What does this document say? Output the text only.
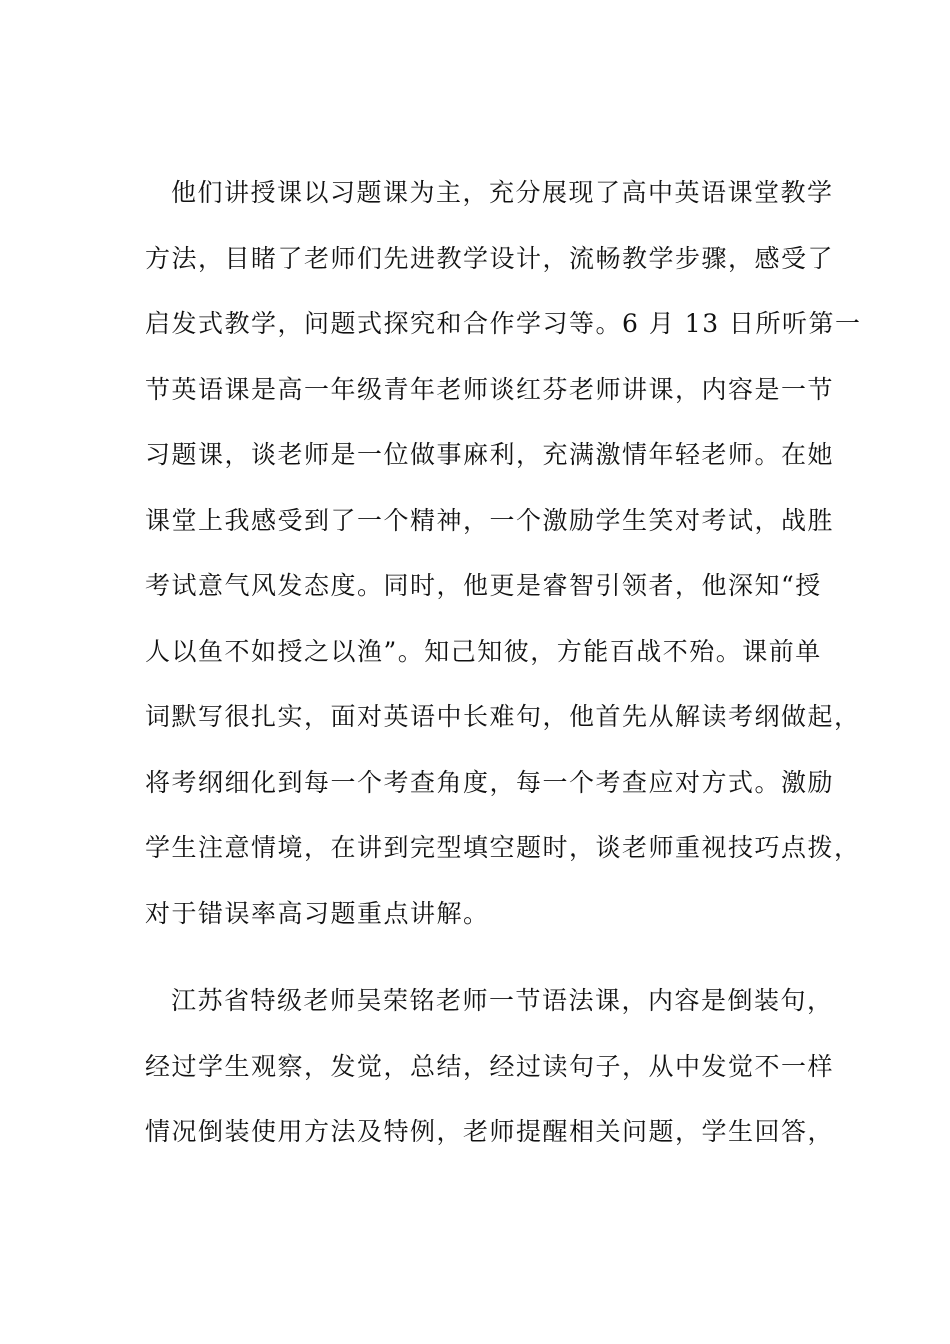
他们讲授课以习题课为主，充分展现了高中英语课堂教学
方法，目睹了老师们先进教学设计，流畅教学步骤，感受了
启发式教学，问题式探究和合作学习等。6 月 13 日所听第一
节英语课是高一年级青年老师谈红芬老师讲课，内容是一节
习题课，谈老师是一位做事麻利，充满激情年轻老师。在她
课堂上我感受到了一个精神，一个激励学生笑对考试，战胜
考试意气风发态度。同时，他更是睿智引领者，他深知“授
人以鱼不如授之以渔”。知己知彼，方能百战不殆。课前单
词默写很扎实，面对英语中长难句，他首先从解读考纲做起，
将考纲细化到每一个考查角度，每一个考查应对方式。激励
学生注意情境，在讲到完型填空题时，谈老师重视技巧点拨，
对于错误率高习题重点讲解。
江苏省特级老师吴荣铭老师一节语法课，内容是倒装句，
经过学生观察，发觉，总结，经过读句子，从中发觉不一样
情况倒装使用方法及特例，老师提醒相关问题，学生回答，
